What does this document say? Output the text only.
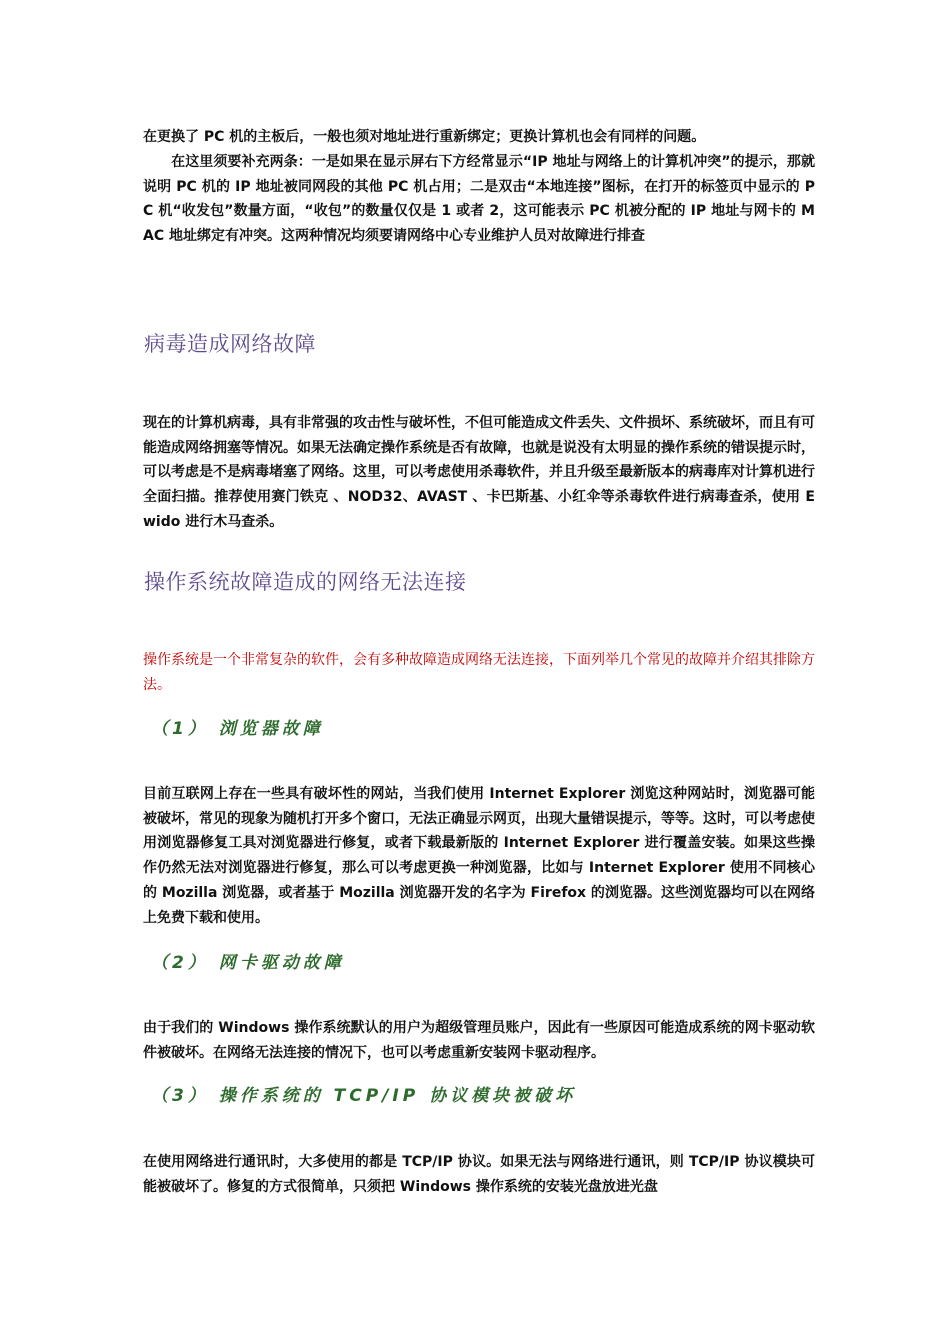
在更换了 PC 机的主板后，一般也须对地址进行重新绑定；更换计算机也会有同样的问题。

　　在这里须要补充两条：一是如果在显示屏右下方经常显示“IP 地址与网络上的计算机冲突”的提示，那就说明 PC 机的 IP 地址被同网段的其他 PC 机占用；二是双击“本地连接”图标，在打开的标签页中显示的 PC 机“收发包”数量方面，“收包”的数量仅仅是 1 或者 2，这可能表示 PC 机被分配的 IP 地址与网卡的 MAC 地址绑定有冲突。这两种情况均须要请网络中心专业维护人员对故障进行排查

病毒造成网络故障

现在的计算机病毒，具有非常强的攻击性与破坏性，不但可能造成文件丢失、文件损坏、系统破坏，而且有可能造成网络拥塞等情况。如果无法确定操作系统是否有故障，也就是说没有太明显的操作系统的错误提示时，可以考虑是不是病毒堵塞了网络。这里，可以考虑使用杀毒软件，并且升级至最新版本的病毒库对计算机进行全面扫描。推荐使用赛门铁克 、NOD32、AVAST 、卡巴斯基、小红伞等杀毒软件进行病毒查杀，使用 Ewido 进行木马查杀。

操作系统故障造成的网络无法连接

操作系统是一个非常复杂的软件，会有多种故障造成网络无法连接，下面列举几个常见的故障并介绍其排除方法。

（1） 浏览器故障

目前互联网上存在一些具有破坏性的网站，当我们使用 Internet Explorer 浏览这种网站时，浏览器可能被破坏，常见的现象为随机打开多个窗口，无法正确显示网页，出现大量错误提示，等等。这时，可以考虑使用浏览器修复工具对浏览器进行修复，或者下载最新版的 Internet Explorer 进行覆盖安装。如果这些操作仍然无法对浏览器进行修复，那么可以考虑更换一种浏览器，比如与 Internet Explorer 使用不同核心的 Mozilla 浏览器，或者基于 Mozilla 浏览器开发的名字为 Firefox 的浏览器。这些浏览器均可以在网络上免费下载和使用。

（2） 网卡驱动故障

由于我们的 Windows 操作系统默认的用户为超级管理员账户，因此有一些原因可能造成系统的网卡驱动软件被破坏。在网络无法连接的情况下，也可以考虑重新安装网卡驱动程序。

（3） 操作系统的 TCP/IP 协议模块被破坏

在使用网络进行通讯时，大多使用的都是 TCP/IP 协议。如果无法与网络进行通讯，则 TCP/IP 协议模块可能被破坏了。修复的方式很简单，只须把 Windows 操作系统的安装光盘放进光盘
